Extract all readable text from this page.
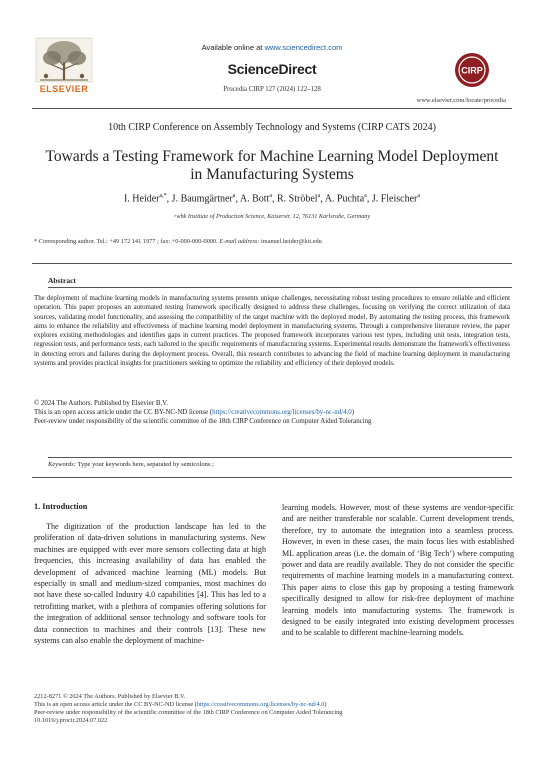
ELSEVIER
Available online at www.sciencedirect.com
ScienceDirect
Procedia CIRP 127 (2024) 122–128
CIRP
www.elsevier.com/locate/procedia
10th CIRP Conference on Assembly Technology and Systems (CIRP CATS 2024)
Towards a Testing Framework for Machine Learning Model Deployment
in Manufacturing Systems
I. Heider$^{a,*}$, J. Baumgärtner$^a$, A. Bott$^a$, R. Ströbel$^a$, A. Puchta$^a$, J. Fleischer$^a$
ᵃwbk Institute of Production Science, Kaiserstr. 12, 76131 Karlsruhe, Germany
* Corresponding author. Tel.: +49 172 141 1977 ; fax: +0-000-000-0000. E-mail address: imanuel.heider@kit.edu
Abstract
The deployment of machine learning models in manufacturing systems presents unique challenges, necessitating robust testing procedures to ensure reliable and efficient operation. This paper proposes an automated testing framework specifically designed to address these challenges, focusing on verifying the correct utilization of data sources, validating model functionality, and assessing the compatibility of the target machine with the deployed model. By automating the testing process, this framework aims to enhance the reliability and effectiveness of machine learning model deployment in manufacturing systems. Through a comprehensive literature review, the paper explores existing methodologies and identifies gaps in current practices. The proposed framework incorporates various test types, including unit tests, integration tests, regression tests, and performance tests, each tailored to the specific requirements of manufacturing systems. Experimental results demonstrate the framework's effectiveness in detecting errors and failures during the deployment process. Overall, this research contributes to advancing the field of machine learning deployment in manufacturing systems and provides practical insights for practitioners seeking to optimize the reliability and efficiency of their deployed models.
© 2024 The Authors. Published by Elsevier B.V.
This is an open access article under the CC BY-NC-ND license (https://creativecommons.org/licenses/by-nc-nd/4.0)
Peer-review under responsibility of the scientific committee of the 18th CIRP Conference on Computer Aided Tolerancing
Keywords: Type your keywords here, separated by semicolons ;
1. Introduction

The digitization of the production landscape has led to the proliferation of data-driven solutions in manufacturing systems. New machines are equipped with ever more sensors collecting data at high frequencies, this increasing availability of data has enabled the development of advanced machine learning (ML) models. But especially in small and medium-sized companies, most machines do not have these so-called Industry 4.0 capabilities [4]. This has led to a retrofitting market, with a plethora of companies offering solutions for the integration of additional sensor technology and software tools for data connection to machines and their controls [13]. These new systems can also enable the deployment of machine-

learning models. However, most of these systems are vendor-specific and are neither transferable nor scalable. Current development trends, therefore, try to automate the integration into a seamless process. However, in even in these cases, the main focus lies with established ML application areas (i.e. the domain of ‘Big Tech’) where computing power and data are readily available. They do not consider the specific requirements of machine learning models in a manufacturing context. This paper aims to close this gap by proposing a testing framework specifically designed to allow for risk-free deployment of machine learning models into manufacturing systems. The framework is designed to be easily integrated into existing development processes and to be scalable to different machine-learning models.

2212-8271 © 2024 The Authors. Published by Elsevier B.V.
This is an open access article under the CC BY-NC-ND license (https://creativecommons.org/licenses/by-nc-nd/4.0)
Peer-review under responsibility of the scientific committee of the 18th CIRP Conference on Computer Aided Tolerancing
10.1016/j.procir.2024.07.022
